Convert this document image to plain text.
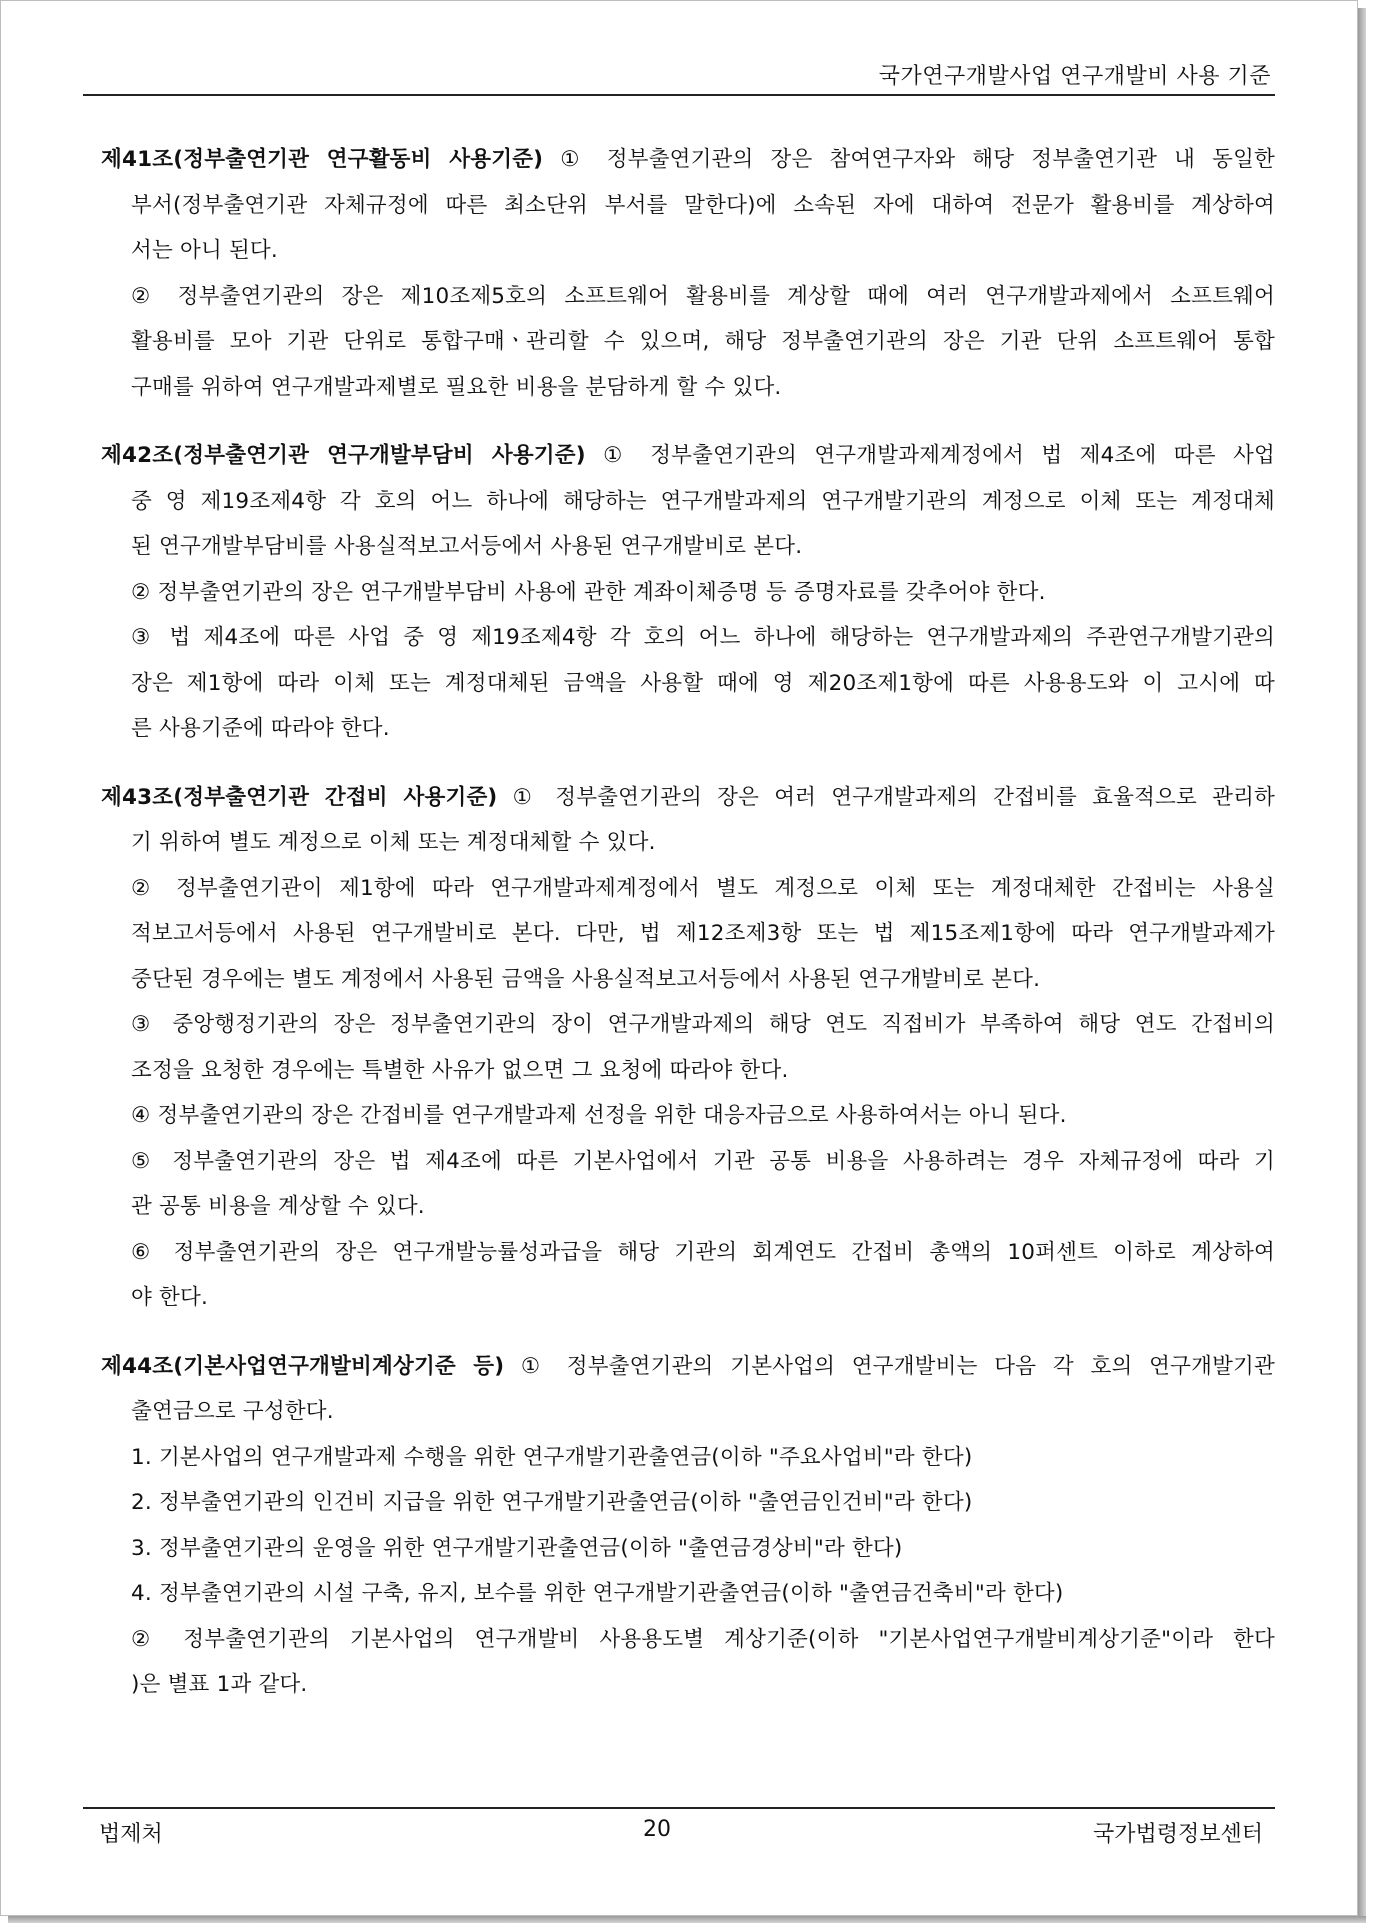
국가연구개발사업 연구개발비 사용 기준
제41조(정부출연기관 연구활동비 사용기준) ① 정부출연기관의 장은 참여연구자와 해당 정부출연기관 내 동일한
부서(정부출연기관 자체규정에 따른 최소단위 부서를 말한다)에 소속된 자에 대하여 전문가 활용비를 계상하여
서는 아니 된다.
② 정부출연기관의 장은 제10조제5호의 소프트웨어 활용비를 계상할 때에 여러 연구개발과제에서 소프트웨어
활용비를 모아 기관 단위로 통합구매ㆍ관리할 수 있으며, 해당 정부출연기관의 장은 기관 단위 소프트웨어 통합
구매를 위하여 연구개발과제별로 필요한 비용을 분담하게 할 수 있다.
제42조(정부출연기관 연구개발부담비 사용기준) ① 정부출연기관의 연구개발과제계정에서 법 제4조에 따른 사업
중 영 제19조제4항 각 호의 어느 하나에 해당하는 연구개발과제의 연구개발기관의 계정으로 이체 또는 계정대체
된 연구개발부담비를 사용실적보고서등에서 사용된 연구개발비로 본다.
② 정부출연기관의 장은 연구개발부담비 사용에 관한 계좌이체증명 등 증명자료를 갖추어야 한다.
③ 법 제4조에 따른 사업 중 영 제19조제4항 각 호의 어느 하나에 해당하는 연구개발과제의 주관연구개발기관의
장은 제1항에 따라 이체 또는 계정대체된 금액을 사용할 때에 영 제20조제1항에 따른 사용용도와 이 고시에 따
른 사용기준에 따라야 한다.
제43조(정부출연기관 간접비 사용기준) ① 정부출연기관의 장은 여러 연구개발과제의 간접비를 효율적으로 관리하
기 위하여 별도 계정으로 이체 또는 계정대체할 수 있다.
② 정부출연기관이 제1항에 따라 연구개발과제계정에서 별도 계정으로 이체 또는 계정대체한 간접비는 사용실
적보고서등에서 사용된 연구개발비로 본다. 다만, 법 제12조제3항 또는 법 제15조제1항에 따라 연구개발과제가
중단된 경우에는 별도 계정에서 사용된 금액을 사용실적보고서등에서 사용된 연구개발비로 본다.
③ 중앙행정기관의 장은 정부출연기관의 장이 연구개발과제의 해당 연도 직접비가 부족하여 해당 연도 간접비의
조정을 요청한 경우에는 특별한 사유가 없으면 그 요청에 따라야 한다.
④ 정부출연기관의 장은 간접비를 연구개발과제 선정을 위한 대응자금으로 사용하여서는 아니 된다.
⑤ 정부출연기관의 장은 법 제4조에 따른 기본사업에서 기관 공통 비용을 사용하려는 경우 자체규정에 따라 기
관 공통 비용을 계상할 수 있다.
⑥ 정부출연기관의 장은 연구개발능률성과급을 해당 기관의 회계연도 간접비 총액의 10퍼센트 이하로 계상하여
야 한다.
제44조(기본사업연구개발비계상기준 등) ① 정부출연기관의 기본사업의 연구개발비는 다음 각 호의 연구개발기관
출연금으로 구성한다.
1. 기본사업의 연구개발과제 수행을 위한 연구개발기관출연금(이하 "주요사업비"라 한다)
2. 정부출연기관의 인건비 지급을 위한 연구개발기관출연금(이하 "출연금인건비"라 한다)
3. 정부출연기관의 운영을 위한 연구개발기관출연금(이하 "출연금경상비"라 한다)
4. 정부출연기관의 시설 구축, 유지, 보수를 위한 연구개발기관출연금(이하 "출연금건축비"라 한다)
② 정부출연기관의 기본사업의 연구개발비 사용용도별 계상기준(이하 "기본사업연구개발비계상기준"이라 한다
)은 별표 1과 같다.
법제처	20	국가법령정보센터
